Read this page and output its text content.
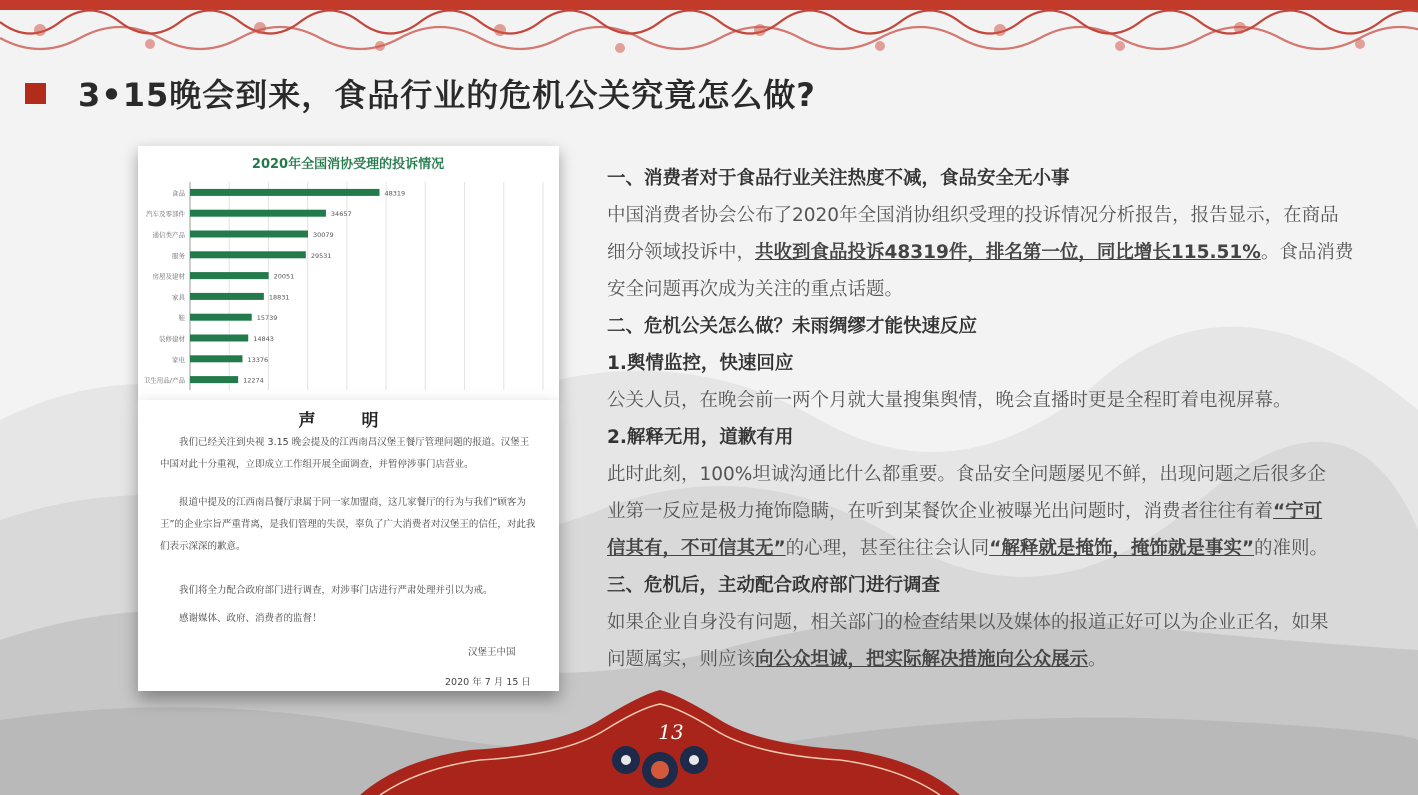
3•15晚会到来，食品行业的危机公关究竟怎么做?
2020年全国消协受理的投诉情况
食品	48319
汽车及零部件	34657
通信类产品	30079
服务	29531
房屋及建材	20051
家具	18831
鞋	15739
装修建材	14843
家电	13376
卫生用品/产品	12274
声 明

我们已经关注到央视 3.15 晚会提及的江西南昌汉堡王餐厅管理问题的报道。汉堡王中国对此十分重视，立即成立工作组开展全面调查，并暂停涉事门店营业。

报道中提及的江西南昌餐厅隶属于同一家加盟商，这几家餐厅的行为与我们“顾客为王”的企业宗旨严重背离，是我们管理的失误，辜负了广大消费者对汉堡王的信任，对此我们表示深深的歉意。

我们将全力配合政府部门进行调查，对涉事门店进行严肃处理并引以为戒。

感谢媒体、政府、消费者的监督！

汉堡王中国
2020 年 7 月 15 日
一、消费者对于食品行业关注热度不减，食品安全无小事
中国消费者协会公布了2020年全国消协组织受理的投诉情况分析报告，报告显示，在商品
细分领域投诉中，共收到食品投诉48319件，排名第一位，同比增长115.51%。食品消费
安全问题再次成为关注的重点话题。
二、危机公关怎么做？未雨绸缪才能快速反应
1.舆情监控，快速回应
公关人员，在晚会前一两个月就大量搜集舆情，晚会直播时更是全程盯着电视屏幕。
2.解释无用，道歉有用
此时此刻，100%坦诚沟通比什么都重要。食品安全问题屡见不鲜，出现问题之后很多企
业第一反应是极力掩饰隐瞒，在听到某餐饮企业被曝光出问题时，消费者往往有着“宁可
信其有，不可信其无”的心理，甚至往往会认同“解释就是掩饰，掩饰就是事实”的准则。
三、危机后，主动配合政府部门进行调查
如果企业自身没有问题，相关部门的检查结果以及媒体的报道正好可以为企业正名，如果
问题属实，则应该向公众坦诚，把实际解决措施向公众展示。
13
